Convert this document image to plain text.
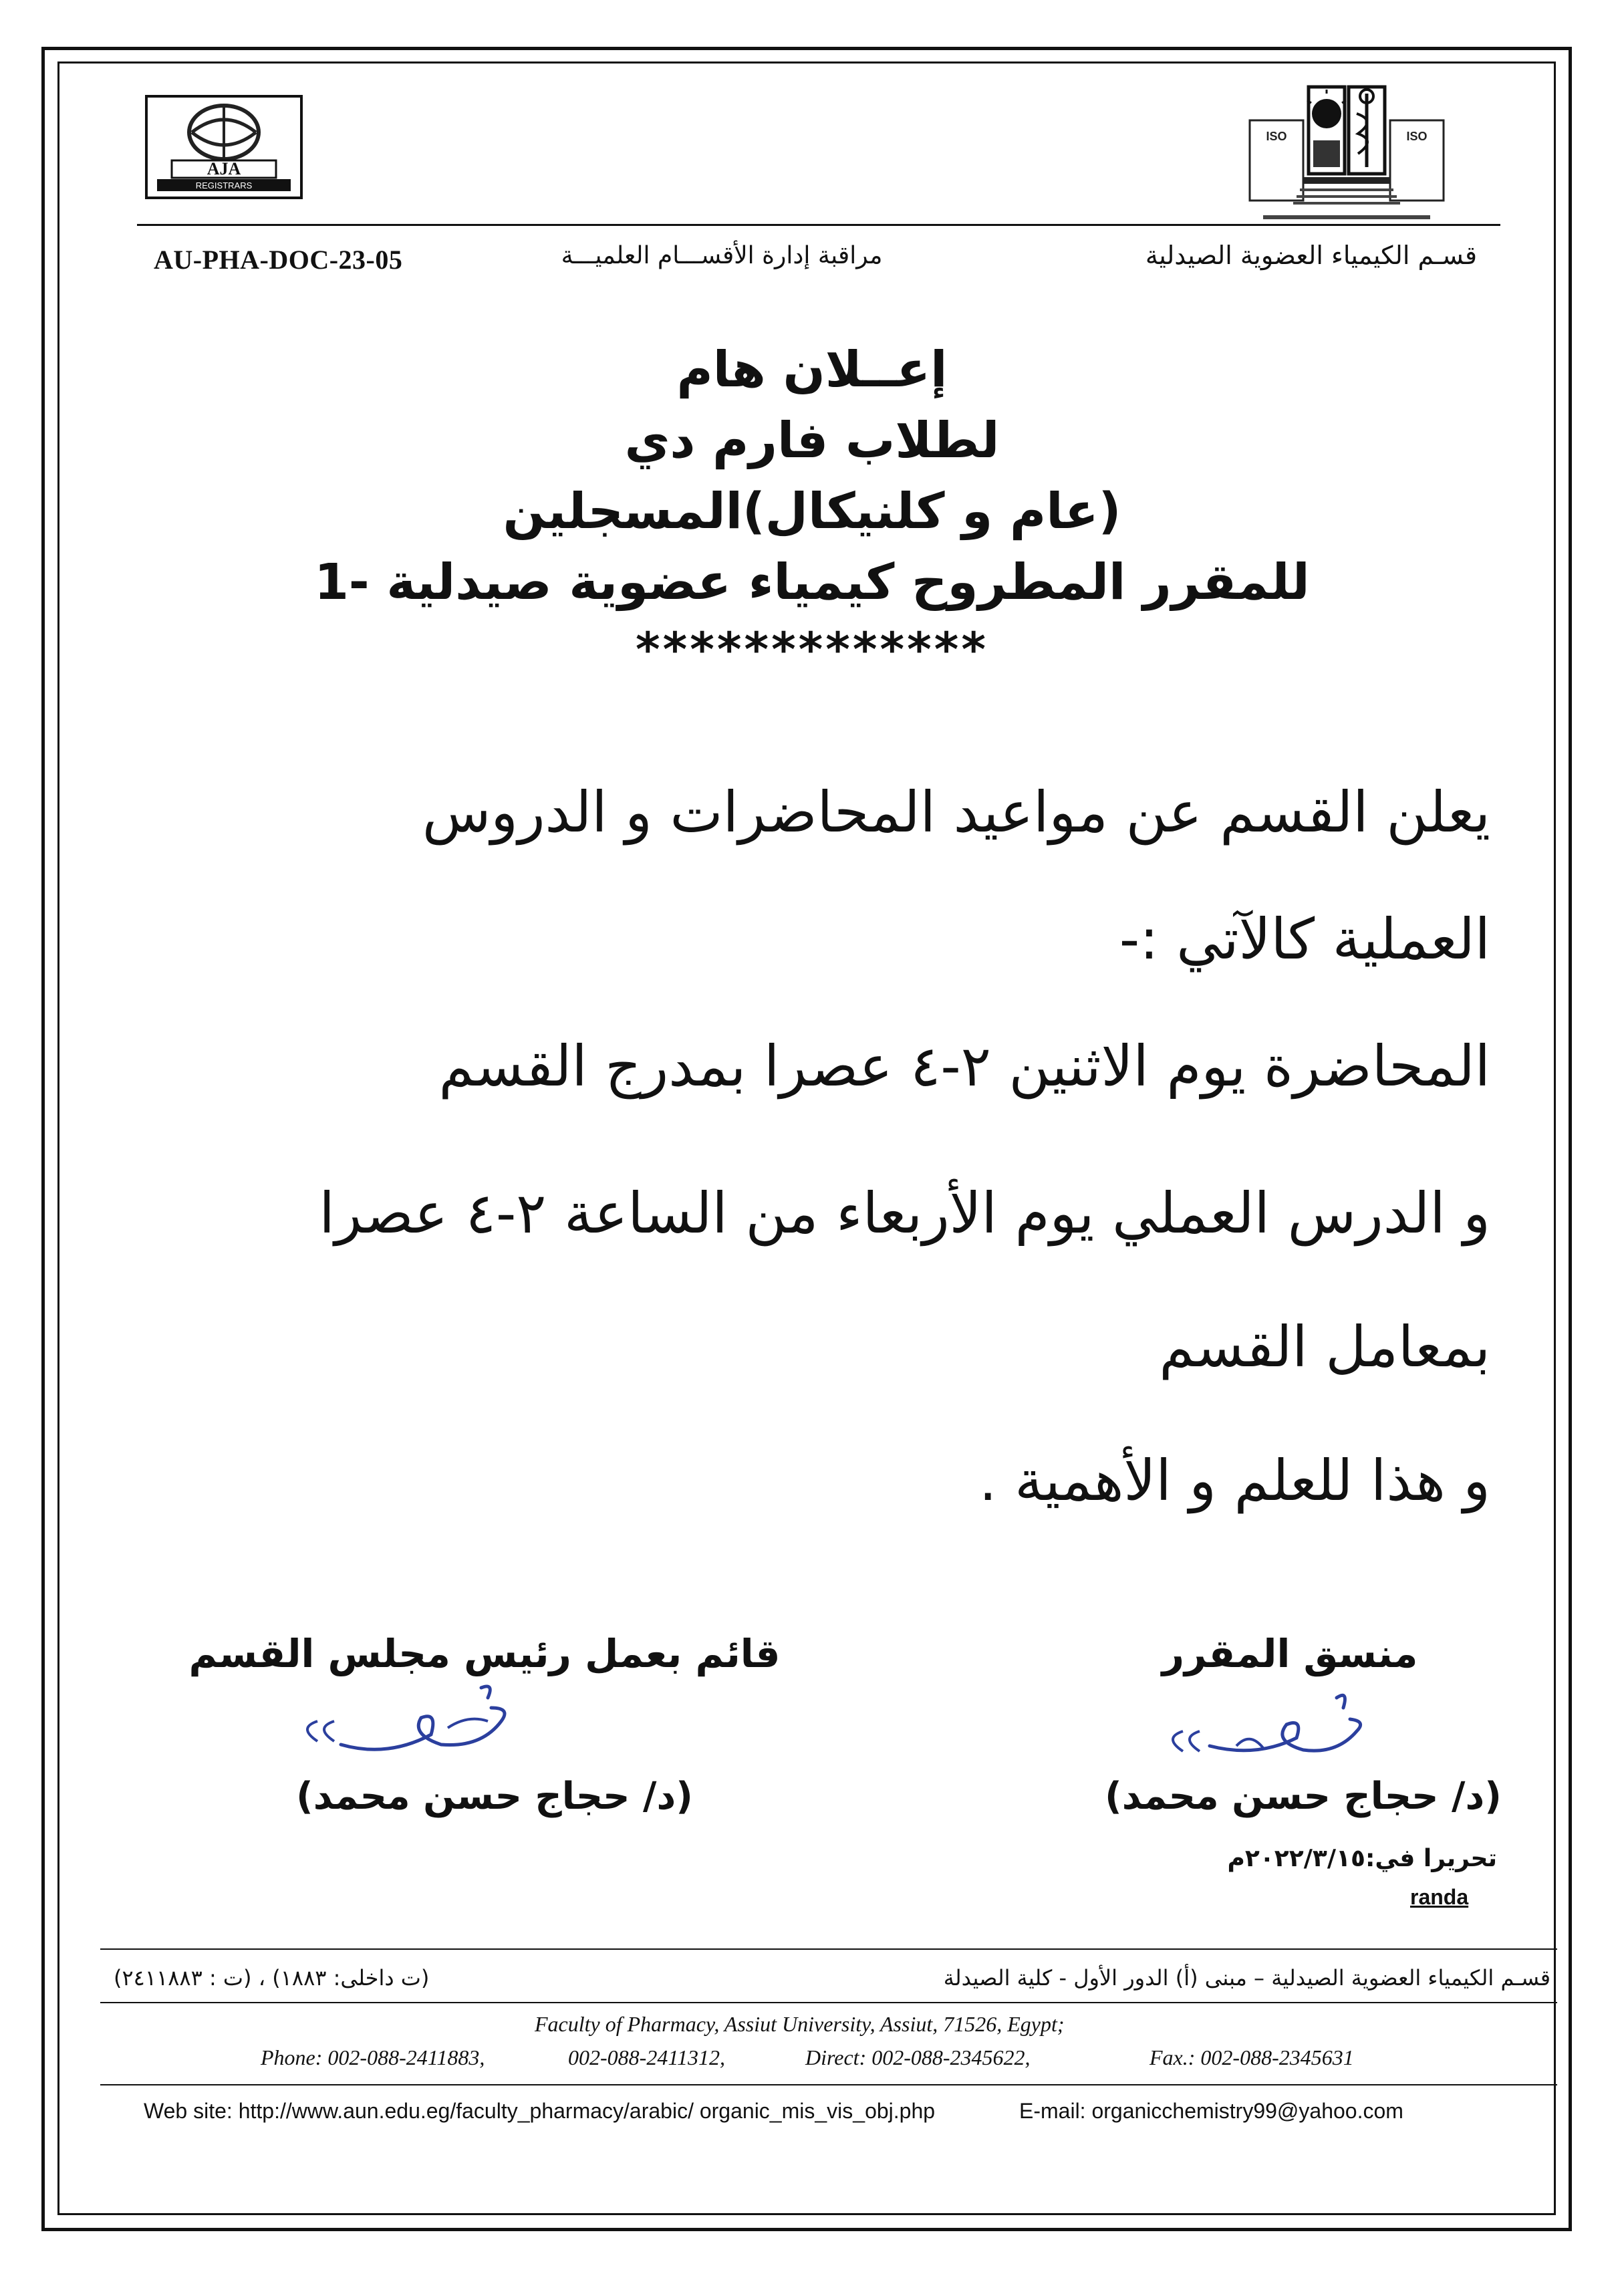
AJA
REGISTRARS
ISO	ISO
AU-PHA-DOC-23-05	مراقبة إدارة الأقســـام العلميـــة	قسـم الكيمياء العضوية الصيدلية
إعــلان هام
لطلاب فارم دي
(عام و كلنيكال)المسجلين
للمقرر المطروح كيمياء عضوية صيدلية -1
*************
يعلن القسم عن مواعيد المحاضرات و الدروس
العملية كالآتي :-
المحاضرة يوم الاثنين ٢-٤ عصرا بمدرج القسم
و الدرس العملي يوم الأربعاء من الساعة ٢-٤ عصرا
بمعامل القسم
و هذا للعلم و الأهمية .
منسق المقرر
(د/ حجاج حسن محمد)
قائم بعمل رئيس مجلس القسم
(د/ حجاج حسن محمد)
تحريرا في:٢٠٢٢/٣/١٥م
randa
قسـم الكيمياء العضوية الصيدلية – مبنى (أ) الدور الأول - كلية الصيدلة
(ت داخلى: ١٨٨٣) ، (ت : ٢٤١١٨٨٣)
Faculty of Pharmacy, Assiut University, Assiut, 71526, Egypt;
Phone: 002-088-2411883,	002-088-2411312,	Direct: 002-088-2345622,	Fax.: 002-088-2345631
Web site: http://www.aun.edu.eg/faculty_pharmacy/arabic/ organic_mis_vis_obj.php	E-mail: organicchemistry99@yahoo.com
